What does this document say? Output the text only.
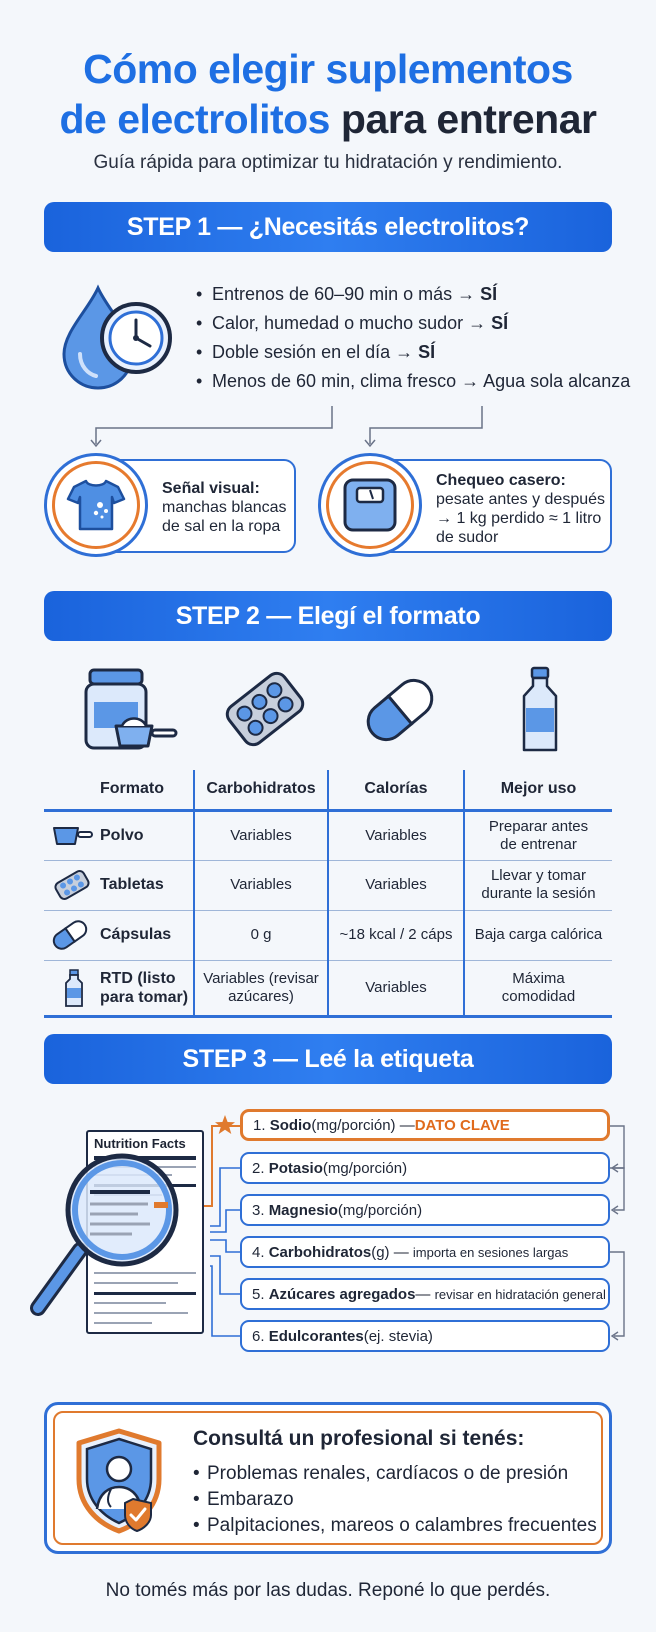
Cómo elegir suplementos
de electrolitos para entrenar
Guía rápida para optimizar tu hidratación y rendimiento.
STEP 1 — ¿Necesitás electrolitos?
• Entrenos de 60–90 min o más → SÍ
• Calor, humedad o mucho sudor → SÍ
• Doble sesión en el día → SÍ
• Menos de 60 min, clima fresco → Agua sola alcanza
Señal visual:
manchas blancas de sal en la ropa
Chequeo casero:
pesate antes y después → 1 kg perdido ≈ 1 litro de sudor
STEP 2 — Elegí el formato
Formato	Carbohidratos	Calorías	Mejor uso

Polvo	Variables	Variables	Preparar antes de entrenar

Tabletas	Variables	Variables	Llevar y tomar durante la sesión

Cápsulas	0 g	~18 kcal / 2 cáps	Baja carga calórica

RTD (listo para tomar)	Variables (revisar azúcares)	Variables	Máxima comodidad
STEP 3 — Leé la etiqueta
Nutrition Facts
1.
Sodio (mg/porción) — DATO CLAVE
2.
Potasio (mg/porción)
3.
Magnesio (mg/porción)
4.
Carbohidratos (g) —
importa en sesiones largas
5.
Azúcares agregados —
revisar en hidratación general
6.
Edulcorantes (ej. stevia)
Consultá un profesional si tenés:
• Problemas renales, cardíacos o de presión
• Embarazo
• Palpitaciones, mareos o calambres frecuentes
No tomés más por las dudas. Reponé lo que perdés.
